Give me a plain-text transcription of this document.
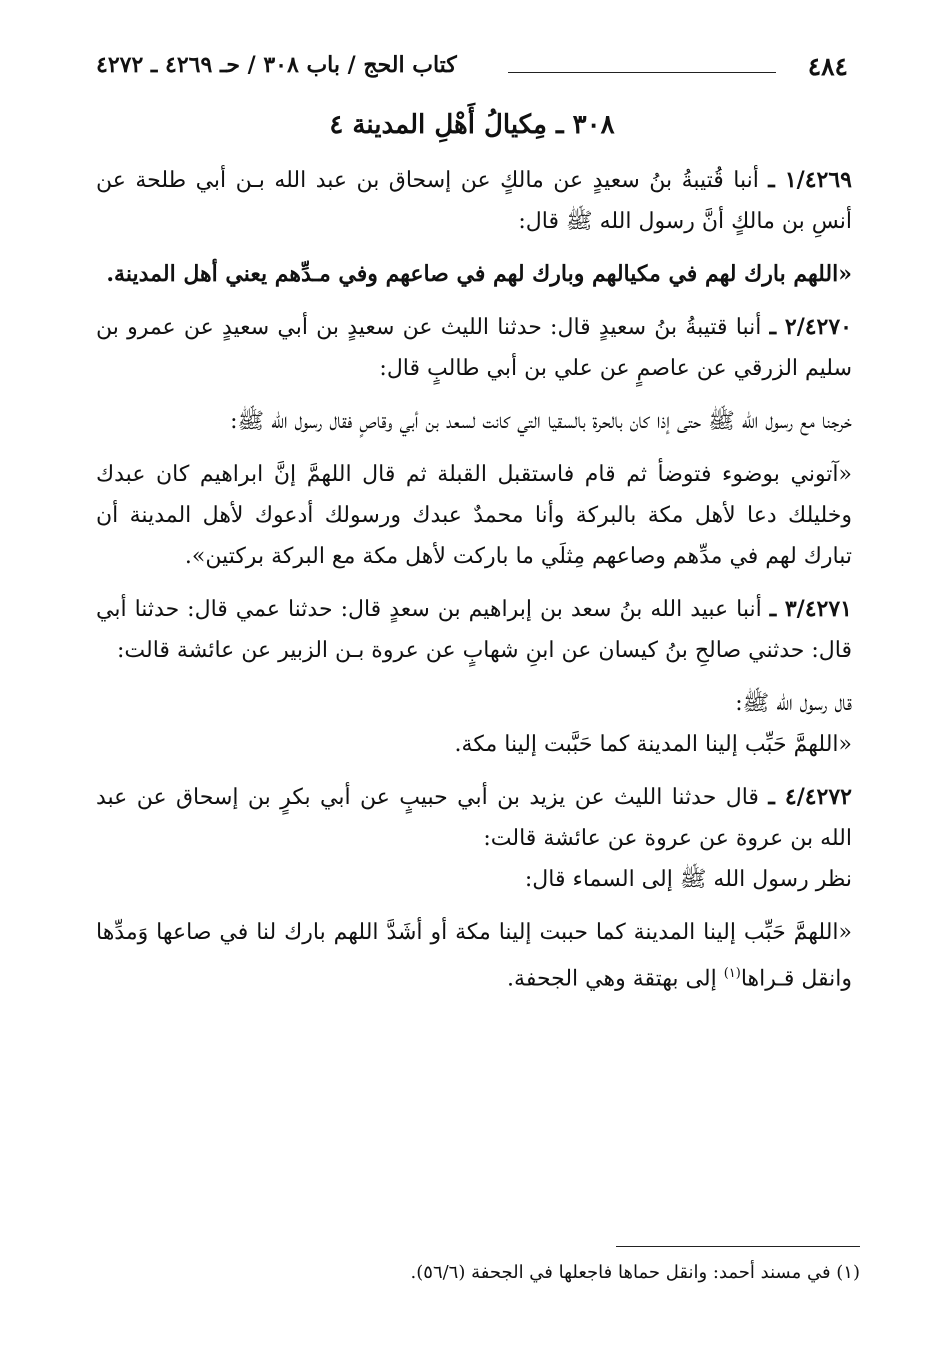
٤٨٤
كتاب الحج / باب ٣٠٨ / حـ ٤٢٦٩ ـ ٤٢٧٢
٣٠٨ ـ مِكيالُ أَهْلِ المدينة ٤

١/٤٢٦٩ ـ أنبا قُتيبةُ بنُ سعيدٍ عن مالكٍ عن إسحاق بن عبد الله بـن أبي طلحة عن أنسِ بن مالكٍ أنَّ رسول الله ﷺ قال:

«اللهم بارك لهم في مكيالهم وبارك لهم في صاعهم وفي مـدِّهم يعني أهل المدينة.

٢/٤٢٧٠ ـ أنبا قتيبةُ بنُ سعيدٍ قال: حدثنا الليث عن سعيدٍ بن أبي سعيدٍ عن عمرو بن سليم الزرقي عن عاصمٍ عن علي بن أبي طالبٍ قال:

خرجنا مع رسول الله ﷺ حتى إذا كان بالحرة بالسقيا التي كانت لسعد بن أبي وقاصٍ فقال رسول الله ﷺ:

«آتوني بوضوء فتوضأ ثم قام فاستقبل القبلة ثم قال اللهمَّ إنَّ ابراهيم كان عبدك وخليلك دعا لأهل مكة بالبركة وأنا محمدٌ عبدك ورسولك أدعوك لأهل المدينة أن تبارك لهم في مدِّهم وصاعهم مِثلَي ما باركت لأهل مكة مع البركة بركتين».

٣/٤٢٧١ ـ أنبا عبيد الله بنُ سعد بن إبراهيم بن سعدٍ قال: حدثنا عمي قال: حدثنا أبي قال: حدثني صالحِ بنُ كيسان عن ابنِ شهابٍ عن عروة بـن الزبير عن عائشة قالت:

قال رسول الله ﷺ:

«اللهمَّ حَبِّب إلينا المدينة كما حَبَّبت إلينا مكة.

٤/٤٢٧٢ ـ قال حدثنا الليث عن يزيد بن أبي حبيبٍ عن أبي بكرٍ بن إسحاق عن عبد الله بن عروة عن عروة عن عائشة قالت:

نظر رسول الله ﷺ إلى السماء قال:

«اللهمَّ حَبِّب إلينا المدينة كما حببت إلينا مكة أو أشَدَّ اللهم بارك لنا في صاعها وَمدِّها وانقل قـراها$^{(١)}$ إلى بهتقة وهي الجحفة.

(١) في مسند أحمد: وانقل حماها فاجعلها في الجحفة (٥٦/٦).
